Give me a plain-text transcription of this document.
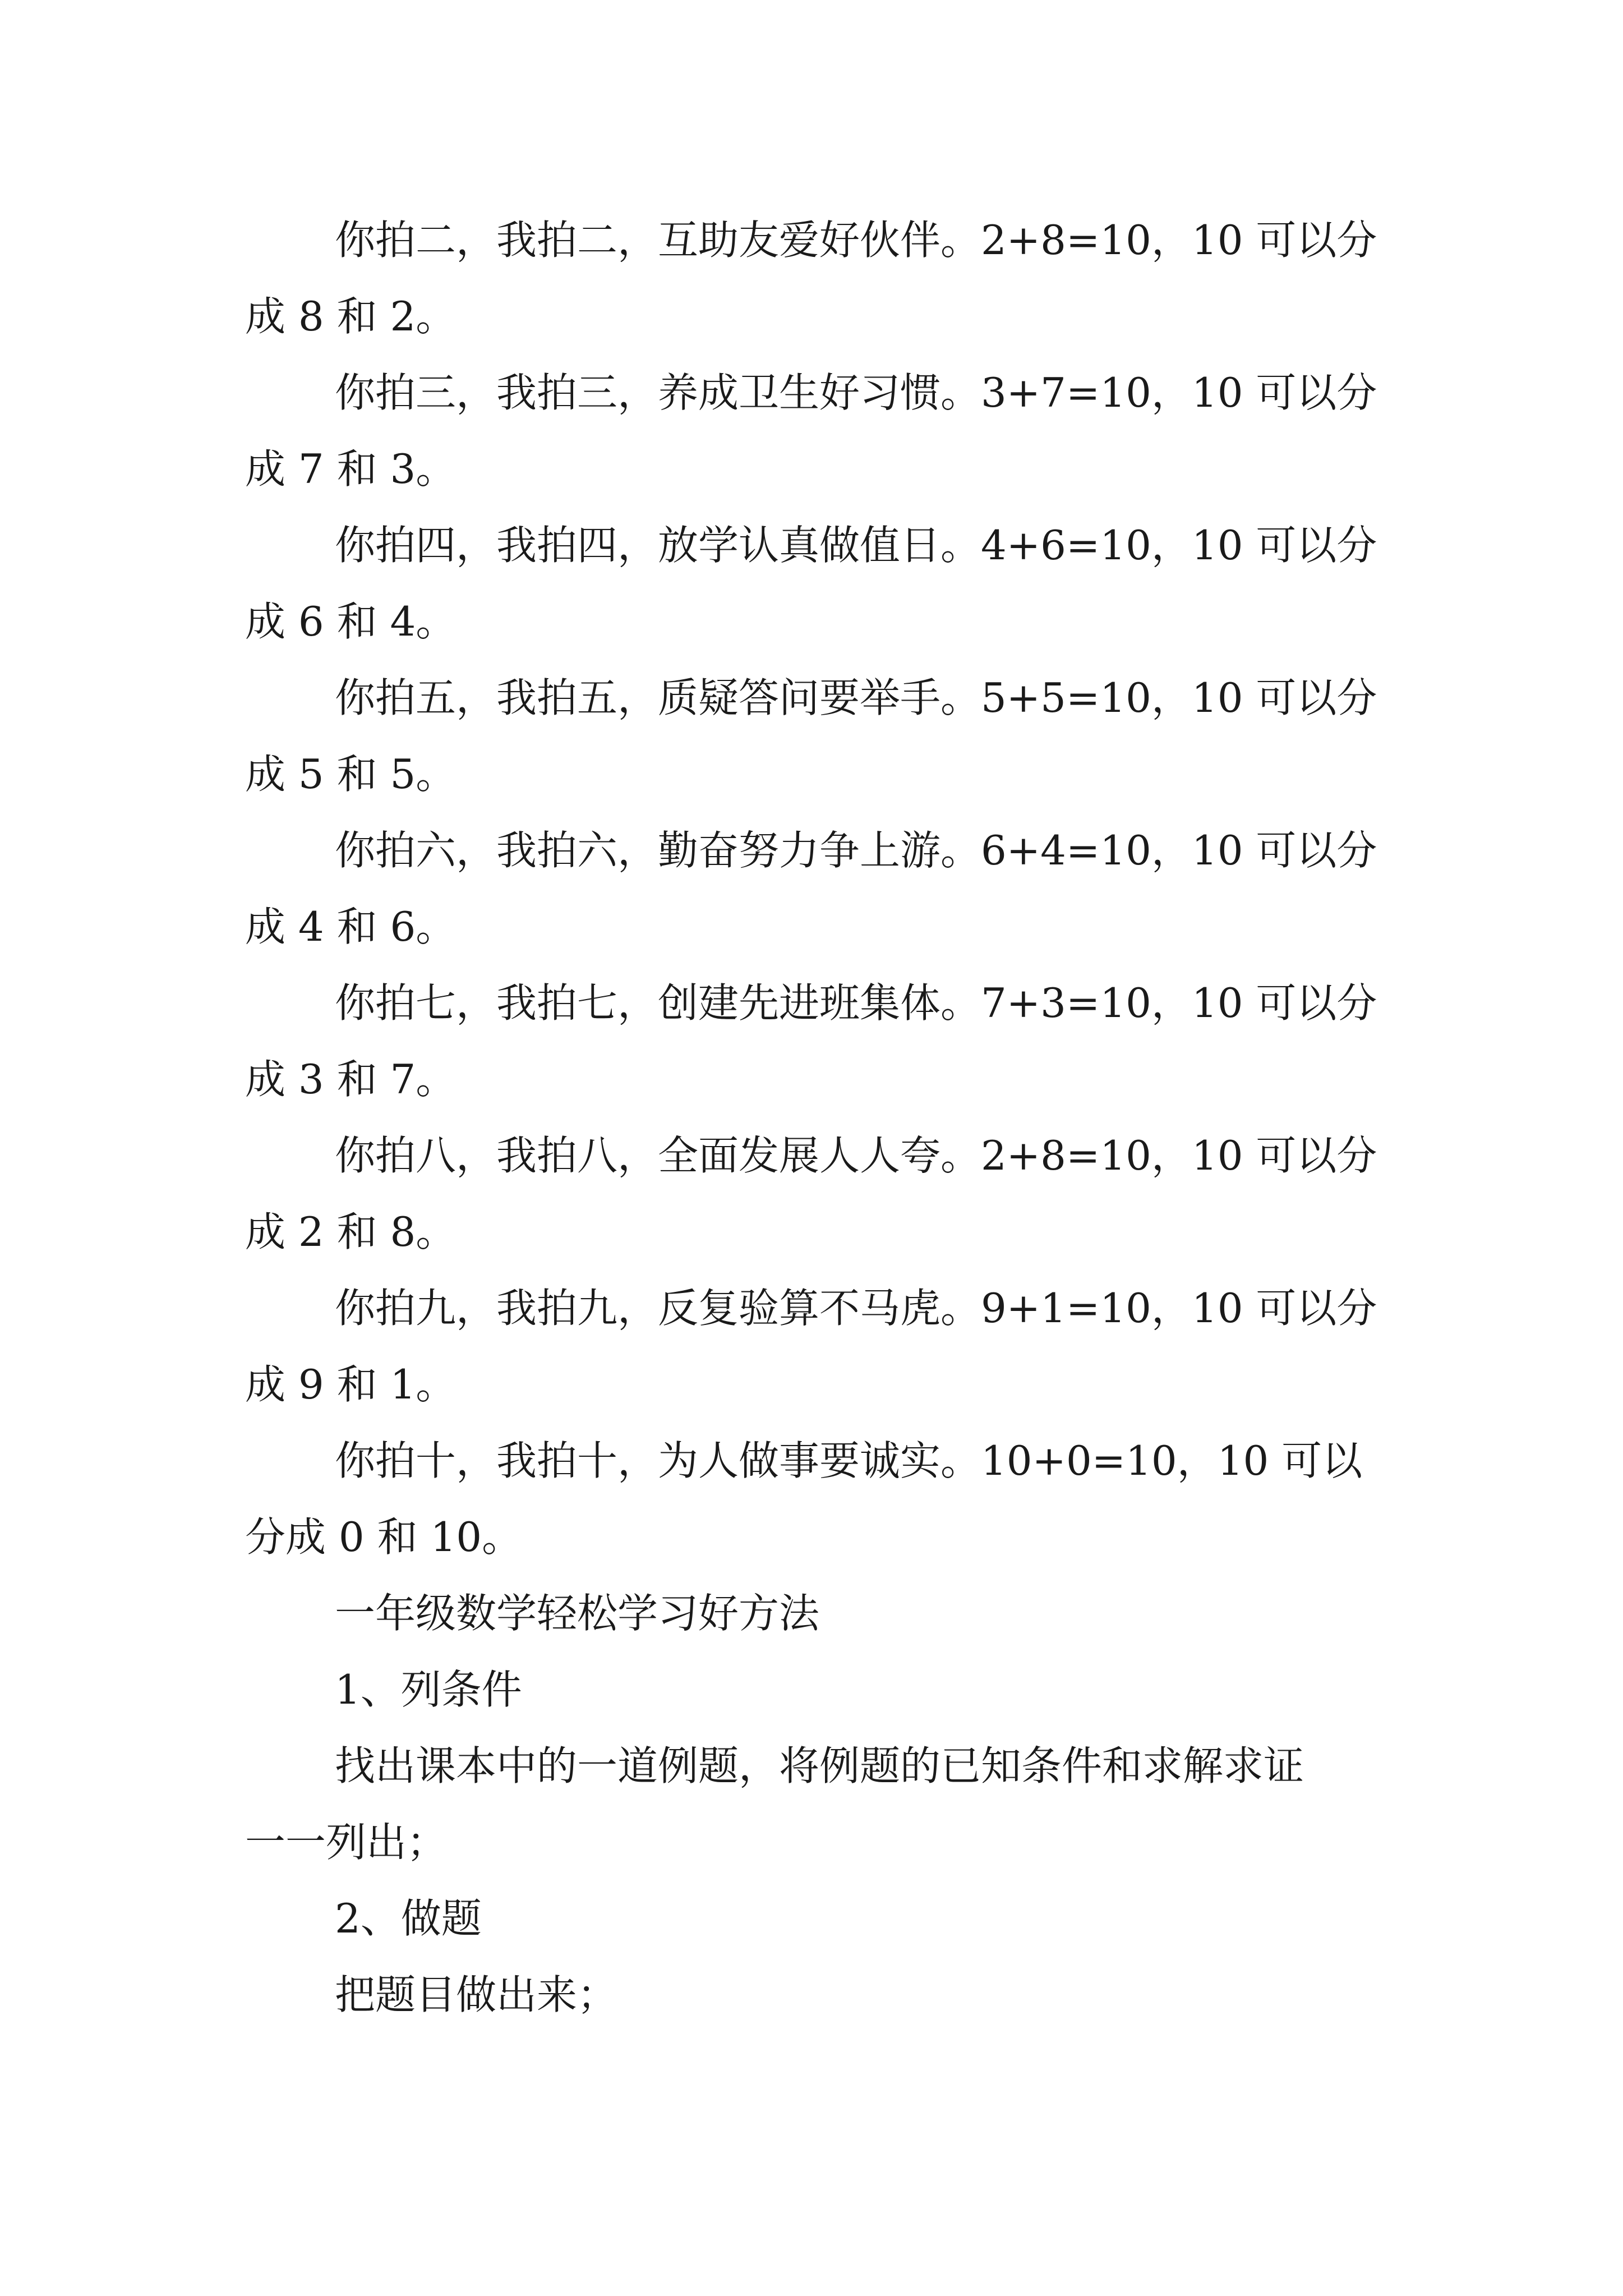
你拍二，我拍二，互助友爱好伙伴。2+8=10，10 可以分
成 8 和 2。

你拍三，我拍三，养成卫生好习惯。3+7=10，10 可以分
成 7 和 3。

你拍四，我拍四，放学认真做值日。4+6=10，10 可以分
成 6 和 4。

你拍五，我拍五，质疑答问要举手。5+5=10，10 可以分
成 5 和 5。

你拍六，我拍六，勤奋努力争上游。6+4=10，10 可以分
成 4 和 6。

你拍七，我拍七，创建先进班集体。7+3=10，10 可以分
成 3 和 7。

你拍八，我拍八，全面发展人人夸。2+8=10，10 可以分
成 2 和 8。

你拍九，我拍九，反复验算不马虎。9+1=10，10 可以分
成 9 和 1。

你拍十，我拍十，为人做事要诚实。10+0=10，10 可以
分成 0 和 10。

一年级数学轻松学习好方法

1、列条件

找出课本中的一道例题，将例题的已知条件和求解求证
一一列出；

2、做题

把题目做出来；
